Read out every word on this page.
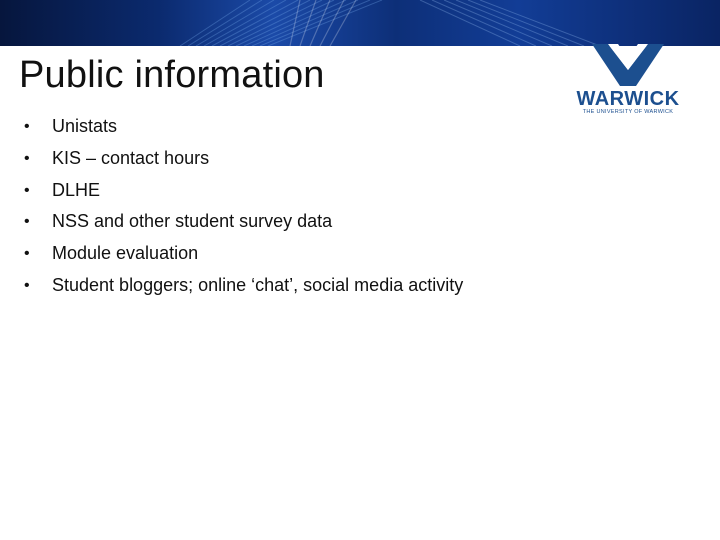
Public information
WARWICK
THE UNIVERSITY OF WARWICK
•	Unistats
•	KIS – contact hours
•	DLHE
•	NSS and other student survey data
•	Module evaluation
•	Student bloggers; online ‘chat’, social media activity
